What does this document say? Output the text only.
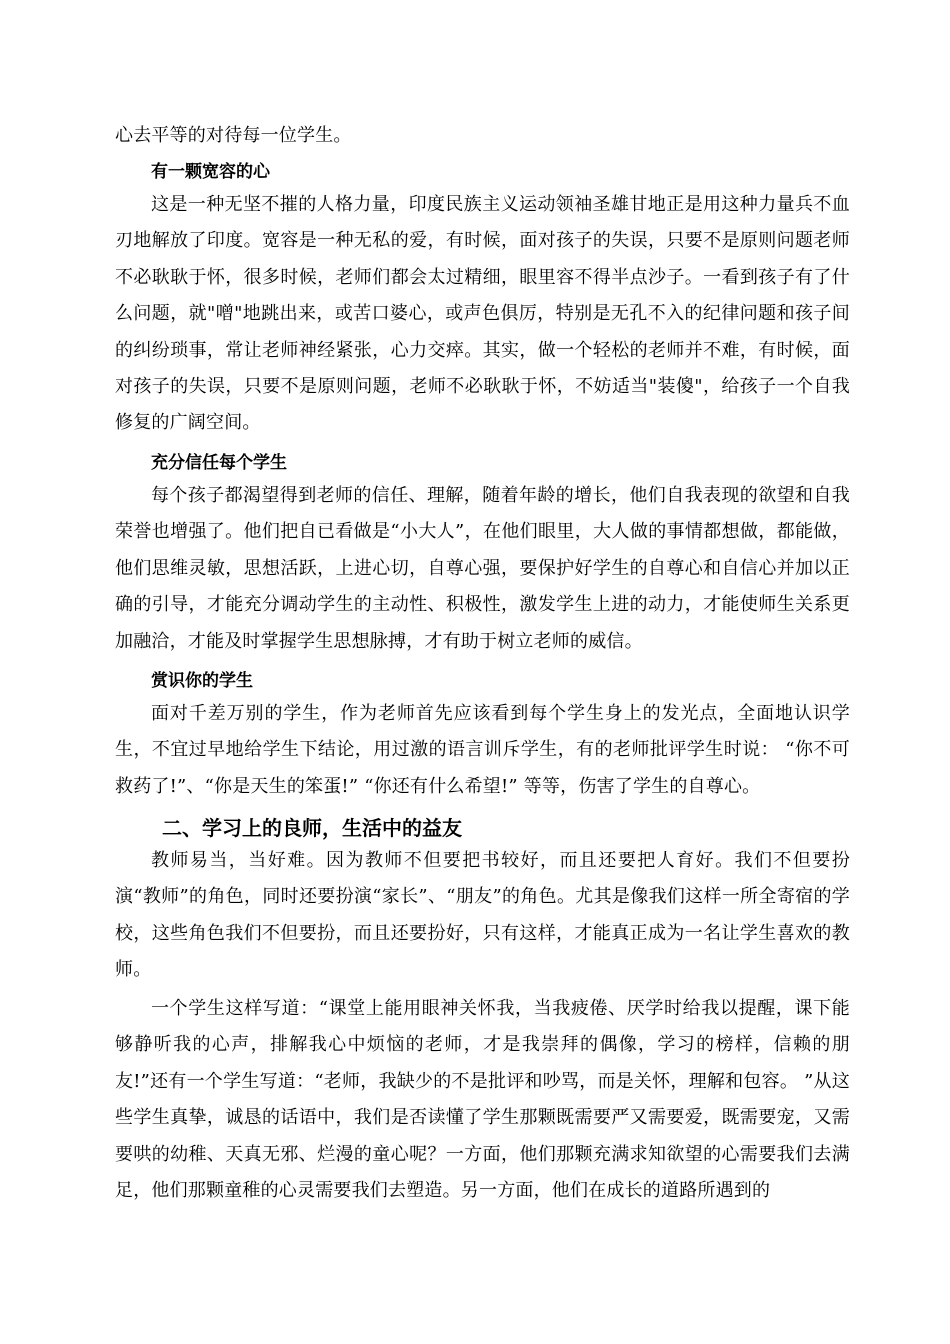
心去平等的对待每一位学生。

有一颗宽容的心

这是一种无坚不摧的人格力量，印度民族主义运动领袖圣雄甘地正是用这种力量兵不血刃地解放了印度。宽容是一种无私的爱，有时候，面对孩子的失误，只要不是原则问题老师不必耿耿于怀，很多时候，老师们都会太过精细，眼里容不得半点沙子。一看到孩子有了什么问题，就"噌"地跳出来，或苦口婆心，或声色俱厉，特别是无孔不入的纪律问题和孩子间的纠纷琐事，常让老师神经紧张，心力交瘁。其实，做一个轻松的老师并不难，有时候，面对孩子的失误，只要不是原则问题，老师不必耿耿于怀，不妨适当"装傻"，给孩子一个自我修复的广阔空间。

充分信任每个学生

每个孩子都渴望得到老师的信任、理解，随着年龄的增长，他们自我表现的欲望和自我荣誉也增强了。他们把自已看做是“小大人”，在他们眼里，大人做的事情都想做，都能做，他们思维灵敏，思想活跃，上进心切，自尊心强，要保护好学生的自尊心和自信心并加以正确的引导，才能充分调动学生的主动性、积极性，激发学生上进的动力，才能使师生关系更加融洽，才能及时掌握学生思想脉搏，才有助于树立老师的威信。

赏识你的学生

面对千差万别的学生，作为老师首先应该看到每个学生身上的发光点，全面地认识学生，不宜过早地给学生下结论，用过激的语言训斥学生，有的老师批评学生时说： “你不可救药了!”、“你是天生的笨蛋!” “你还有什么希望!” 等等，伤害了学生的自尊心。

二、学习上的良师，生活中的益友

教师易当，当好难。因为教师不但要把书较好，而且还要把人育好。我们不但要扮演“教师”的角色，同时还要扮演“家长”、“朋友”的角色。尤其是像我们这样一所全寄宿的学校，这些角色我们不但要扮，而且还要扮好，只有这样，才能真正成为一名让学生喜欢的教师。

一个学生这样写道：“课堂上能用眼神关怀我，当我疲倦、厌学时给我以提醒，课下能够静听我的心声，排解我心中烦恼的老师，才是我崇拜的偶像，学习的榜样，信赖的朋友!”还有一个学生写道：“老师，我缺少的不是批评和吵骂，而是关怀，理解和包容。 ”从这些学生真挚，诚恳的话语中，我们是否读懂了学生那颗既需要严又需要爱，既需要宠，又需要哄的幼稚、天真无邪、烂漫的童心呢？一方面，他们那颗充满求知欲望的心需要我们去满足，他们那颗童稚的心灵需要我们去塑造。另一方面，他们在成长的道路所遇到的
